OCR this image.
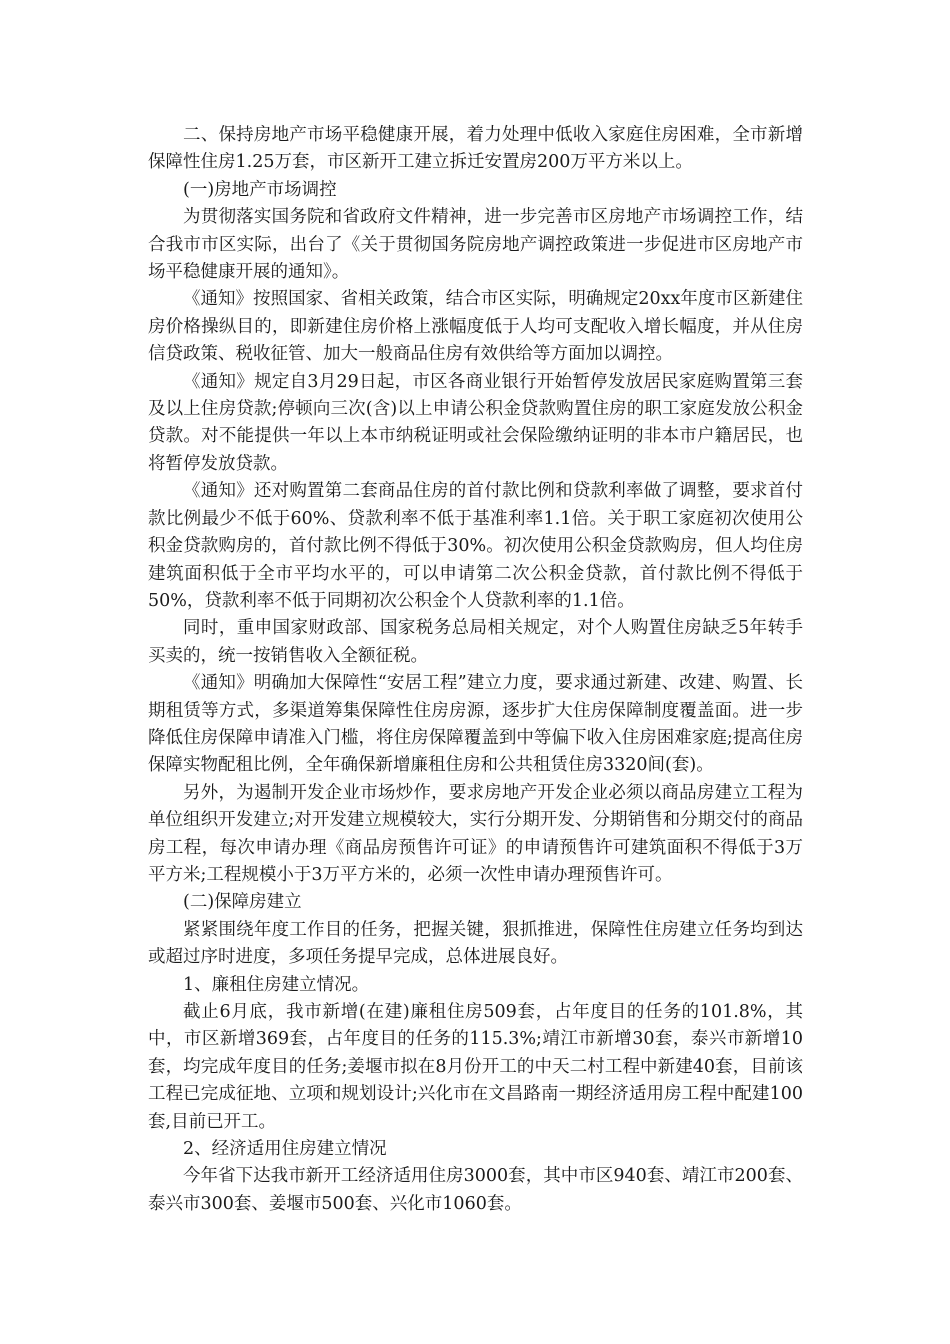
二、保持房地产市场平稳健康开展，着力处理中低收入家庭住房困难，全市新增保障性住房1.25万套，市区新开工建立拆迁安置房200万平方米以上。

(一)房地产市场调控

为贯彻落实国务院和省政府文件精神，进一步完善市区房地产市场调控工作，结合我市市区实际，出台了《关于贯彻国务院房地产调控政策进一步促进市区房地产市场平稳健康开展的通知》。

《通知》按照国家、省相关政策，结合市区实际，明确规定20xx年度市区新建住房价格操纵目的，即新建住房价格上涨幅度低于人均可支配收入增长幅度，并从住房信贷政策、税收征管、加大一般商品住房有效供给等方面加以调控。

《通知》规定自3月29日起，市区各商业银行开始暂停发放居民家庭购置第三套及以上住房贷款;停顿向三次(含)以上申请公积金贷款购置住房的职工家庭发放公积金贷款。对不能提供一年以上本市纳税证明或社会保险缴纳证明的非本市户籍居民，也将暂停发放贷款。

《通知》还对购置第二套商品住房的首付款比例和贷款利率做了调整，要求首付款比例最少不低于60%、贷款利率不低于基准利率1.1倍。关于职工家庭初次使用公积金贷款购房的，首付款比例不得低于30%。初次使用公积金贷款购房，但人均住房建筑面积低于全市平均水平的，可以申请第二次公积金贷款，首付款比例不得低于50%，贷款利率不低于同期初次公积金个人贷款利率的1.1倍。

同时，重申国家财政部、国家税务总局相关规定，对个人购置住房缺乏5年转手买卖的，统一按销售收入全额征税。

《通知》明确加大保障性“安居工程”建立力度，要求通过新建、改建、购置、长期租赁等方式，多渠道筹集保障性住房房源，逐步扩大住房保障制度覆盖面。进一步降低住房保障申请准入门槛，将住房保障覆盖到中等偏下收入住房困难家庭;提高住房保障实物配租比例，全年确保新增廉租住房和公共租赁住房3320间(套)。

另外，为遏制开发企业市场炒作，要求房地产开发企业必须以商品房建立工程为单位组织开发建立;对开发建立规模较大，实行分期开发、分期销售和分期交付的商品房工程，每次申请办理《商品房预售许可证》的申请预售许可建筑面积不得低于3万平方米;工程规模小于3万平方米的，必须一次性申请办理预售许可。

(二)保障房建立

紧紧围绕年度工作目的任务，把握关键，狠抓推进，保障性住房建立任务均到达或超过序时进度，多项任务提早完成，总体进展良好。

1、廉租住房建立情况。

截止6月底，我市新增(在建)廉租住房509套，占年度目的任务的101.8%，其中，市区新增369套，占年度目的任务的115.3%;靖江市新增30套，泰兴市新增10套，均完成年度目的任务;姜堰市拟在8月份开工的中天二村工程中新建40套，目前该工程已完成征地、立项和规划设计;兴化市在文昌路南一期经济适用房工程中配建100套,目前已开工。

2、经济适用住房建立情况

今年省下达我市新开工经济适用住房3000套，其中市区940套、靖江市200套、泰兴市300套、姜堰市500套、兴化市1060套。
